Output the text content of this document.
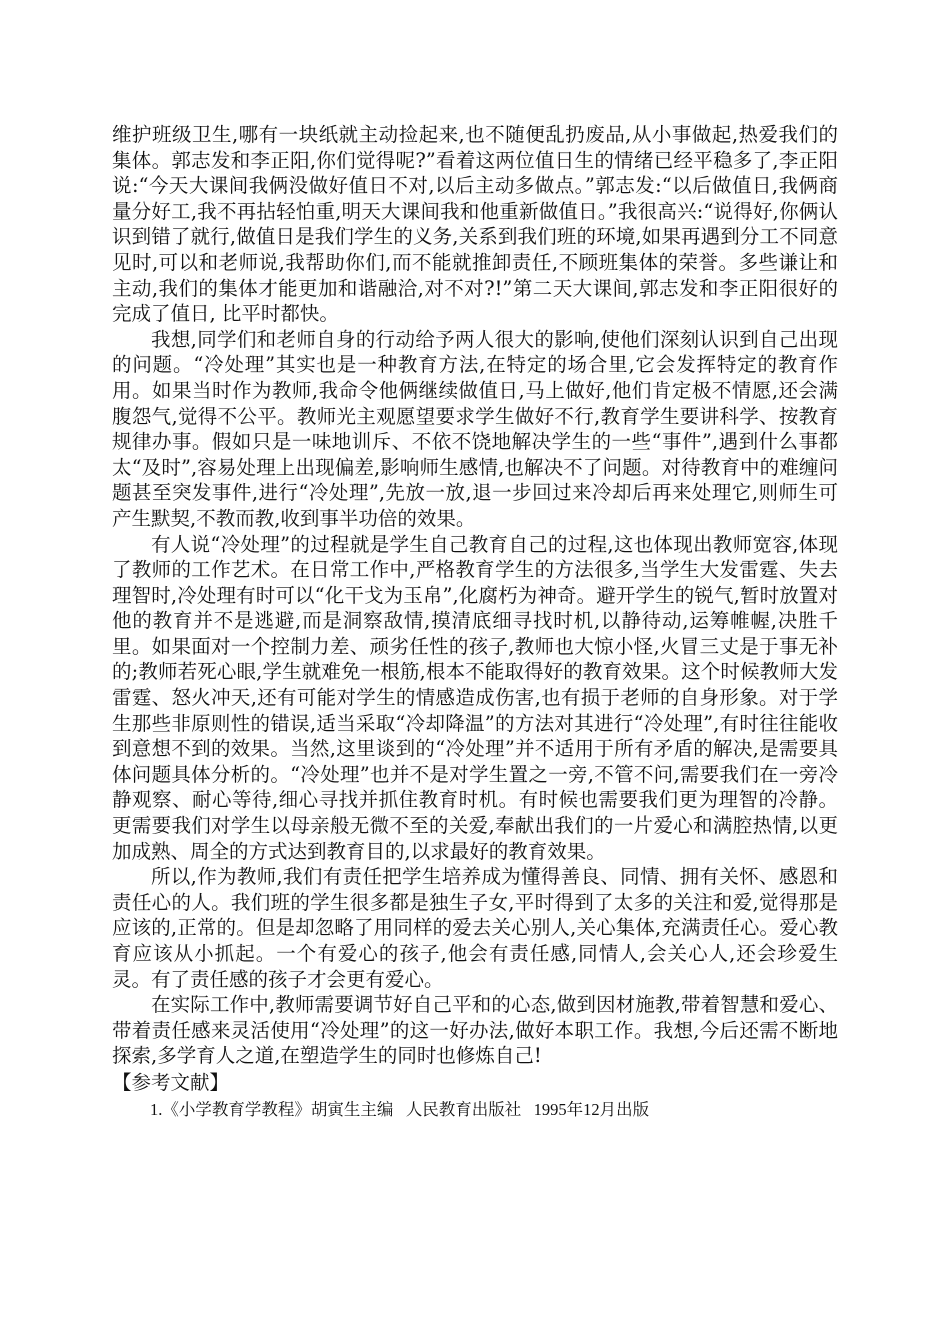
维护班级卫生,哪有一块纸就主动捡起来,也不随便乱扔废品,从小事做起,热爱我们的集体。郭志发和李正阳,你们觉得呢?”看着这两位值日生的情绪已经平稳多了,李正阳说:“今天大课间我俩没做好值日不对,以后主动多做点。”郭志发:“以后做值日,我俩商量分好工,我不再拈轻怕重,明天大课间我和他重新做值日。”我很高兴:“说得好,你俩认识到错了就行,做值日是我们学生的义务,关系到我们班的环境,如果再遇到分工不同意见时,可以和老师说,我帮助你们,而不能就推卸责任,不顾班集体的荣誉。多些谦让和主动,我们的集体才能更加和谐融洽,对不对?!”第二天大课间,郭志发和李正阳很好的完成了值日, 比平时都快。

我想,同学们和老师自身的行动给予两人很大的影响,使他们深刻认识到自己出现的问题。“冷处理”其实也是一种教育方法,在特定的场合里,它会发挥特定的教育作用。如果当时作为教师,我命令他俩继续做值日,马上做好,他们肯定极不情愿,还会满腹怨气,觉得不公平。教师光主观愿望要求学生做好不行,教育学生要讲科学、按教育规律办事。假如只是一味地训斥、不依不饶地解决学生的一些“事件”,遇到什么事都太“及时”,容易处理上出现偏差,影响师生感情,也解决不了问题。对待教育中的难缠问题甚至突发事件,进行“冷处理”,先放一放,退一步回过来冷却后再来处理它,则师生可产生默契,不教而教,收到事半功倍的效果。

有人说“冷处理”的过程就是学生自己教育自己的过程,这也体现出教师宽容,体现了教师的工作艺术。在日常工作中,严格教育学生的方法很多,当学生大发雷霆、失去理智时,冷处理有时可以“化干戈为玉帛”,化腐朽为神奇。避开学生的锐气,暂时放置对他的教育并不是逃避,而是洞察敌情,摸清底细寻找时机,以静待动,运筹帷幄,决胜千里。如果面对一个控制力差、顽劣任性的孩子,教师也大惊小怪,火冒三丈是于事无补的;教师若死心眼,学生就难免一根筋,根本不能取得好的教育效果。这个时候教师大发雷霆、怒火冲天,还有可能对学生的情感造成伤害,也有损于老师的自身形象。对于学生那些非原则性的错误,适当采取“冷却降温”的方法对其进行“冷处理”,有时往往能收到意想不到的效果。当然,这里谈到的“冷处理”并不适用于所有矛盾的解决,是需要具体问题具体分析的。“冷处理”也并不是对学生置之一旁,不管不问,需要我们在一旁冷静观察、耐心等待,细心寻找并抓住教育时机。有时候也需要我们更为理智的冷静。更需要我们对学生以母亲般无微不至的关爱,奉献出我们的一片爱心和满腔热情,以更加成熟、周全的方式达到教育目的,以求最好的教育效果。

所以,作为教师,我们有责任把学生培养成为懂得善良、同情、拥有关怀、感恩和责任心的人。我们班的学生很多都是独生子女,平时得到了太多的关注和爱,觉得那是应该的,正常的。但是却忽略了用同样的爱去关心别人,关心集体,充满责任心。爱心教育应该从小抓起。一个有爱心的孩子,他会有责任感,同情人,会关心人,还会珍爱生灵。有了责任感的孩子才会更有爱心。

在实际工作中,教师需要调节好自己平和的心态,做到因材施教,带着智慧和爱心、带着责任感来灵活使用“冷处理”的这一好办法,做好本职工作。我想,今后还需不断地探索,多学育人之道,在塑造学生的同时也修炼自己!

【参考文献】

1.《小学教育学教程》胡寅生主编   人民教育出版社   1995年12月出版
